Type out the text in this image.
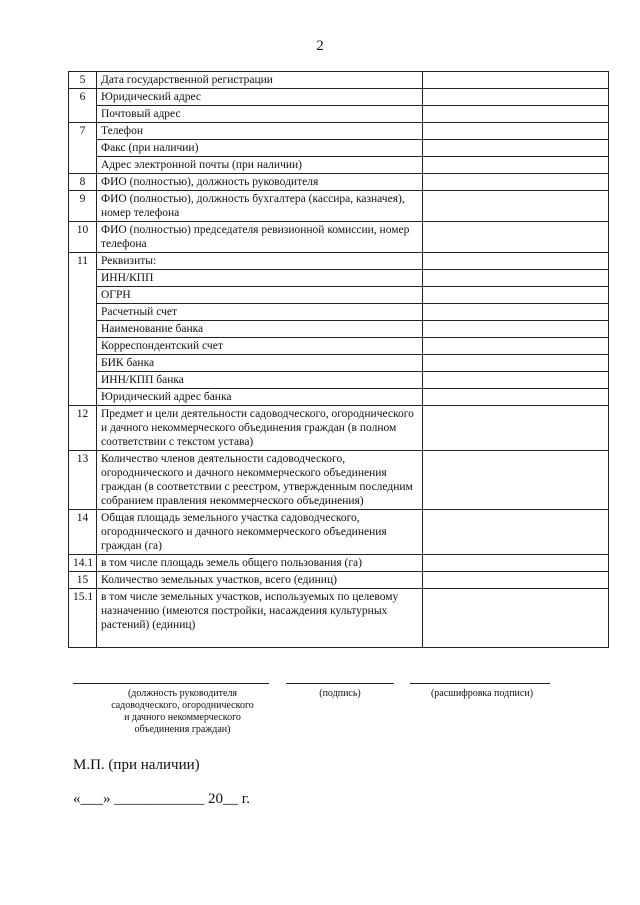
2
5	Дата государственной регистрации	
6	Юридический адрес	
	Почтовый адрес	
7	Телефон	
	Факс (при наличии)	
	Адрес электронной почты (при наличии)	
8	ФИО (полностью), должность руководителя	
9	ФИО (полностью), должность бухгалтера (кассира, казначея), номер телефона	
10	ФИО (полностью) председателя ревизионной комиссии, номер телефона	
11	Реквизиты:	
	ИНН/КПП	
	ОГРН	
	Расчетный счет	
	Наименование банка	
	Корреспондентский счет	
	БИК банка	
	ИНН/КПП банка	
	Юридический адрес банка	
12	Предмет и цели деятельности садоводческого, огороднического и дачного некоммерческого объединения граждан (в полном соответствии с текстом устава)	
13	Количество членов деятельности садоводческого, огороднического и дачного некоммерческого объединения граждан (в соответствии с реестром, утвержденным последним собранием правления некоммерческого объединения)	
14	Общая площадь земельного участка садоводческого, огороднического и дачного некоммерческого объединения граждан (га)	
14.1	в том числе площадь земель общего пользования (га)	
15	Количество земельных участков, всего (единиц)	
15.1	в том числе земельных участков, используемых по целевому назначению (имеются постройки, насаждения культурных растений) (единиц)	
(должность руководителя садоводческого, огороднического и дачного некоммерческого объединения граждан)
(подпись)	(расшифровка подписи)
М.П. (при наличии)
«___» ____________ 20__ г.
